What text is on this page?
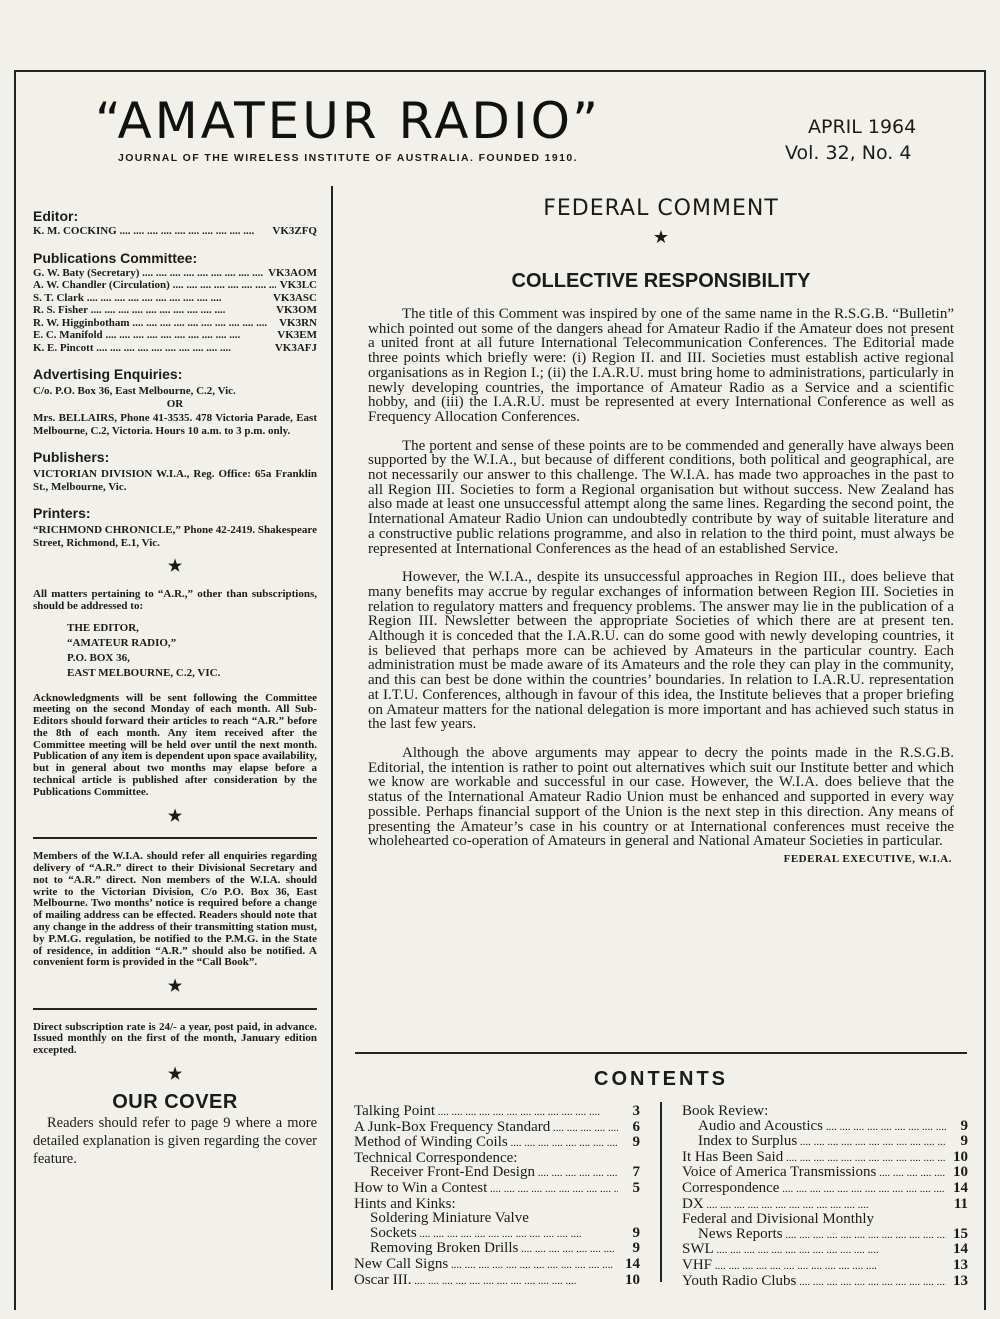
“AMATEUR RADIO”
JOURNAL OF THE WIRELESS INSTITUTE OF AUSTRALIA. FOUNDED 1910.
APRIL 1964
Vol. 32, No. 4
Editor:
K. M. COCKING ....	VK3ZFQ
Publications Committee:
G. W. Baty (Secretary) ....	VK3AOM
A. W. Chandler (Circulation) ....	VK3LC
S. T. Clark ....	VK3ASC
R. S. Fisher ....	VK3OM
R. W. Higginbotham ....	VK3RN
E. C. Manifold ....	VK3EM
K. E. Pincott ....	VK3AFJ
Advertising Enquiries:
C/o. P.O. Box 36, East Melbourne, C.2, Vic.
OR
Mrs. BELLAIRS, Phone 41-3535. 478 Victoria Parade, East Melbourne, C.2, Victoria. Hours 10 a.m. to 3 p.m. only.
Publishers:
VICTORIAN DIVISION W.I.A., Reg. Office: 65a Franklin St., Melbourne, Vic.
Printers:
“RICHMOND CHRONICLE,” Phone 42-2419. Shakespeare Street, Richmond, E.1, Vic.
★
All matters pertaining to “A.R.,” other than subscriptions, should be addressed to:
THE EDITOR,
“AMATEUR RADIO,”
P.O. BOX 36,
EAST MELBOURNE, C.2, VIC.
Acknowledgments will be sent following the Committee meeting on the second Monday of each month. All Sub-Editors should forward their articles to reach “A.R.” before the 8th of each month. Any item received after the Committee meeting will be held over until the next month. Publication of any item is dependent upon space availability, but in general about two months may elapse before a technical article is published after consideration by the Publications Committee.
★
Members of the W.I.A. should refer all enquiries regarding delivery of “A.R.” direct to their Divisional Secretary and not to “A.R.” direct. Non members of the W.I.A. should write to the Victorian Division, C/o P.O. Box 36, East Melbourne. Two months’ notice is required before a change of mailing address can be effected. Readers should note that any change in the address of their transmitting station must, by P.M.G. regulation, be notified to the P.M.G. in the State of residence, in addition “A.R.” should also be notified. A convenient form is provided in the “Call Book”.
★
Direct subscription rate is 24/- a year, post paid, in advance. Issued monthly on the first of the month, January edition excepted.
★
OUR COVER
Readers should refer to page 9 where a more detailed explanation is given regarding the cover feature.
FEDERAL COMMENT
★
COLLECTIVE RESPONSIBILITY

The title of this Comment was inspired by one of the same name in the R.S.G.B. “Bulletin” which pointed out some of the dangers ahead for Amateur Radio if the Amateur does not present a united front at all future International Telecommunication Conferences. The Editorial made three points which briefly were: (i) Region II. and III. Societies must establish active regional organisations as in Region I.; (ii) the I.A.R.U. must bring home to administrations, particularly in newly developing countries, the importance of Amateur Radio as a Service and a scientific hobby, and (iii) the I.A.R.U. must be represented at every International Conference as well as Frequency Allocation Conferences.

The portent and sense of these points are to be commended and generally have always been supported by the W.I.A., but because of different conditions, both political and geographical, are not necessarily our answer to this challenge. The W.I.A. has made two approaches in the past to all Region III. Societies to form a Regional organisation but without success. New Zealand has also made at least one unsuccessful attempt along the same lines. Regarding the second point, the International Amateur Radio Union can undoubtedly contribute by way of suitable literature and a constructive public relations programme, and also in relation to the third point, must always be represented at International Conferences as the head of an established Service.

However, the W.I.A., despite its unsuccessful approaches in Region III., does believe that many benefits may accrue by regular exchanges of information between Region III. Societies in relation to regulatory matters and frequency problems. The answer may lie in the publication of a Region III. Newsletter between the appropriate Societies of which there are at present ten. Although it is conceded that the I.A.R.U. can do some good with newly developing countries, it is believed that perhaps more can be achieved by Amateurs in the particular country. Each administration must be made aware of its Amateurs and the role they can play in the community, and this can best be done within the countries’ boundaries. In relation to I.A.R.U. representation at I.T.U. Conferences, although in favour of this idea, the Institute believes that a proper briefing on Amateur matters for the national delegation is more important and has achieved such status in the last few years.

Although the above arguments may appear to decry the points made in the R.S.G.B. Editorial, the intention is rather to point out alternatives which suit our Institute better and which we know are workable and successful in our case. However, the W.I.A. does believe that the status of the International Amateur Radio Union must be enhanced and supported in every way possible. Perhaps financial support of the Union is the next step in this direction. Any means of presenting the Amateur’s case in his country or at International conferences must receive the wholehearted co-operation of Amateurs in general and National Amateur Societies in particular.

FEDERAL EXECUTIVE, W.I.A.
CONTENTS
Talking Point ....	3
A Junk-Box Frequency Standard ....	6
Method of Winding Coils ....	9
Technical Correspondence:
Receiver Front-End Design ....	7
How to Win a Contest ....	5
Hints and Kinks:
Soldering Miniature Valve
Sockets ....	9
Removing Broken Drills ....	9
New Call Signs ....	14
Oscar III. ....	10
Book Review:
Audio and Acoustics ....	9
Index to Surplus ....	9
It Has Been Said ....	10
Voice of America Transmissions ....	10
Correspondence ....	14
DX ....	11
Federal and Divisional Monthly
News Reports ....	15
SWL ....	14
VHF ....	13
Youth Radio Clubs ....	13
